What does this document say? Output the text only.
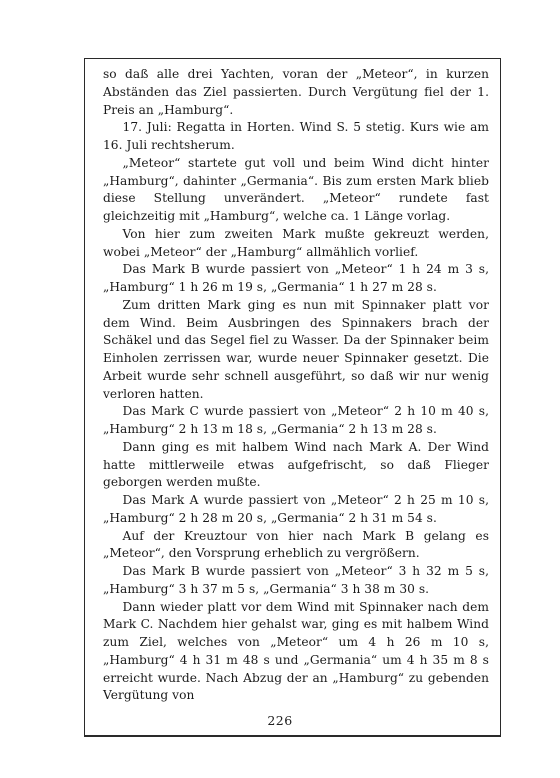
so daß alle drei Yachten, voran der „Meteor“, in kurzen Abständen das Ziel passierten. Durch Vergütung fiel der 1. Preis an „Hamburg“.

17. Juli: Regatta in Horten. Wind S. 5 stetig. Kurs wie am 16. Juli rechtsherum.

„Meteor“ startete gut voll und beim Wind dicht hinter „Hamburg“, dahinter „Germania“. Bis zum ersten Mark blieb diese Stellung unverändert. „Meteor“ rundete fast gleichzeitig mit „Hamburg“, welche ca. 1 Länge vorlag.

Von hier zum zweiten Mark mußte gekreuzt werden, wobei „Meteor“ der „Hamburg“ allmählich vorlief.

Das Mark B wurde passiert von „Meteor“ 1 h 24 m 3 s, „Hamburg“ 1 h 26 m 19 s, „Germania“ 1 h 27 m 28 s.

Zum dritten Mark ging es nun mit Spinnaker platt vor dem Wind. Beim Ausbringen des Spinnakers brach der Schäkel und das Segel fiel zu Wasser. Da der Spinnaker beim Einholen zerrissen war, wurde neuer Spinnaker gesetzt. Die Arbeit wurde sehr schnell ausgeführt, so daß wir nur wenig verloren hatten.

Das Mark C wurde passiert von „Meteor“ 2 h 10 m 40 s, „Hamburg“ 2 h 13 m 18 s, „Germania“ 2 h 13 m 28 s.

Dann ging es mit halbem Wind nach Mark A. Der Wind hatte mittlerweile etwas aufgefrischt, so daß Flieger geborgen werden mußte.

Das Mark A wurde passiert von „Meteor“ 2 h 25 m 10 s, „Hamburg“ 2 h 28 m 20 s, „Germania“ 2 h 31 m 54 s.

Auf der Kreuztour von hier nach Mark B gelang es „Meteor“, den Vorsprung erheblich zu vergrößern.

Das Mark B wurde passiert von „Meteor“ 3 h 32 m 5 s, „Hamburg“ 3 h 37 m 5 s, „Germania“ 3 h 38 m 30 s.

Dann wieder platt vor dem Wind mit Spinnaker nach dem Mark C. Nachdem hier gehalst war, ging es mit halbem Wind zum Ziel, welches von „Meteor“ um 4 h 26 m 10 s, „Hamburg“ 4 h 31 m 48 s und „Germania“ um 4 h 35 m 8 s erreicht wurde. Nach Abzug der an „Hamburg“ zu gebenden Vergütung von

226
